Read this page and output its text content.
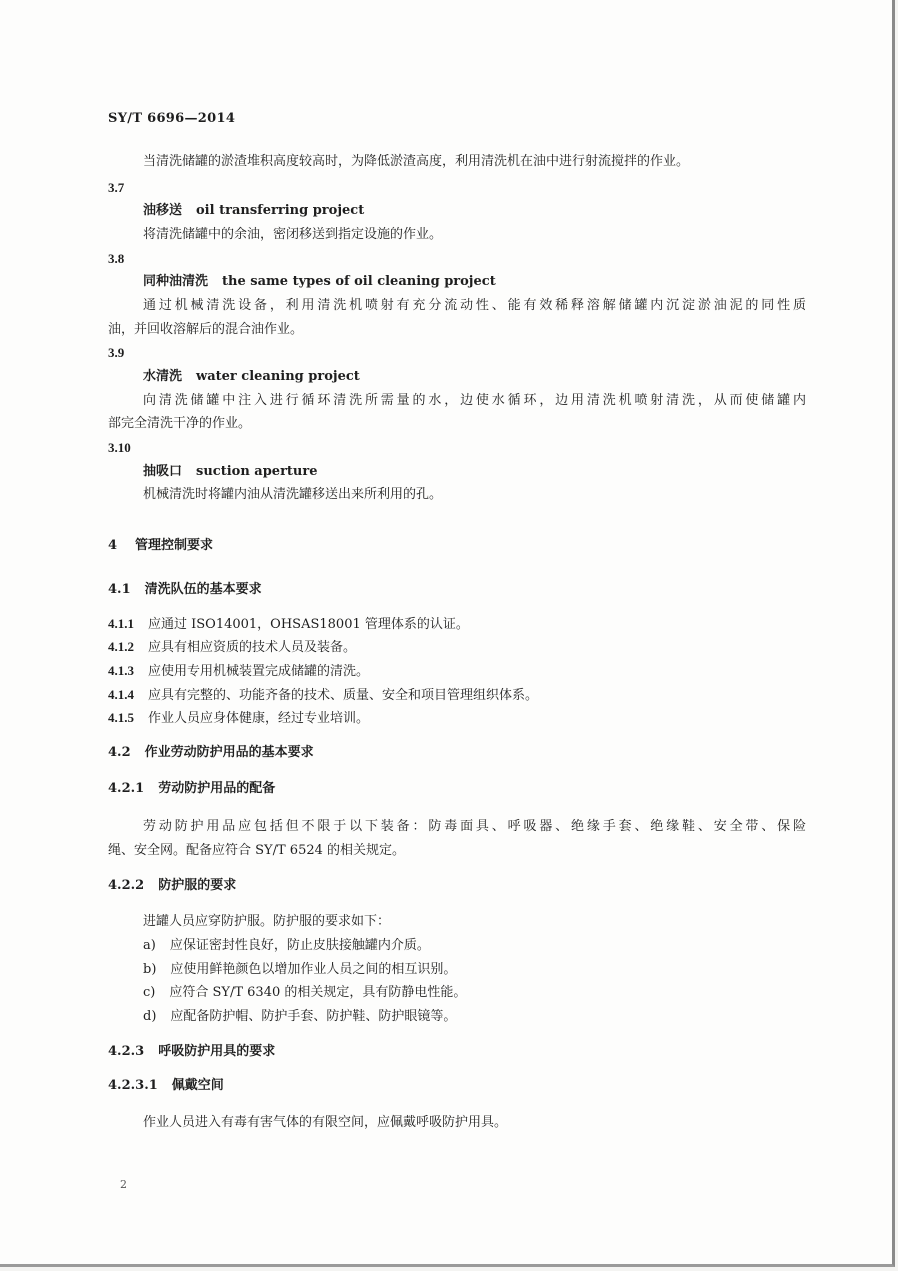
SY/T 6696—2014
当清洗储罐的淤渣堆积高度较高时，为降低淤渣高度，利用清洗机在油中进行射流搅拌的作业。
3.7
油移送 oil transferring project
将清洗储罐中的余油，密闭移送到指定设施的作业。
3.8
同种油清洗 the same types of oil cleaning project
通过机械清洗设备，利用清洗机喷射有充分流动性、能有效稀释溶解储罐内沉淀淤油泥的同性质
油，并回收溶解后的混合油作业。
3.9
水清洗 water cleaning project
向清洗储罐中注入进行循环清洗所需量的水，边使水循环，边用清洗机喷射清洗，从而使储罐内
部完全清洗干净的作业。
3.10
抽吸口 suction aperture
机械清洗时将罐内油从清洗罐移送出来所利用的孔。
4 管理控制要求
4.1 清洗队伍的基本要求
4.1.1 应通过 ISO14001，OHSAS18001 管理体系的认证。
4.1.2 应具有相应资质的技术人员及装备。
4.1.3 应使用专用机械装置完成储罐的清洗。
4.1.4 应具有完整的、功能齐备的技术、质量、安全和项目管理组织体系。
4.1.5 作业人员应身体健康，经过专业培训。
4.2 作业劳动防护用品的基本要求
4.2.1 劳动防护用品的配备
劳动防护用品应包括但不限于以下装备：防毒面具、呼吸器、绝缘手套、绝缘鞋、安全带、保险
绳、安全网。配备应符合 SY/T 6524 的相关规定。
4.2.2 防护服的要求
进罐人员应穿防护服。防护服的要求如下：
a) 应保证密封性良好，防止皮肤接触罐内介质。
b) 应使用鲜艳颜色以增加作业人员之间的相互识别。
c) 应符合 SY/T 6340 的相关规定，具有防静电性能。
d) 应配备防护帽、防护手套、防护鞋、防护眼镜等。
4.2.3 呼吸防护用具的要求
4.2.3.1 佩戴空间
作业人员进入有毒有害气体的有限空间，应佩戴呼吸防护用具。
2
